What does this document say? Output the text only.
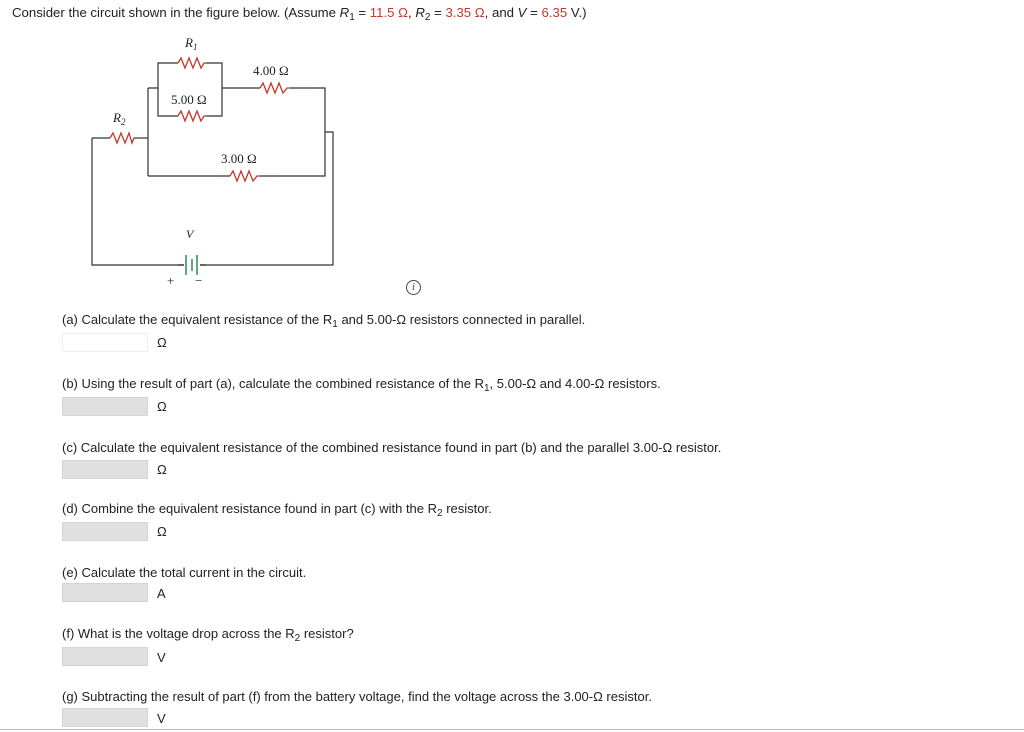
Consider the circuit shown in the figure below. (Assume $R_1 = 11.5$ Ω, $R_2 = 3.35$ Ω, and V = 6.35 V.)
$R_1$
$R_2$
4.00 Ω
5.00 Ω
3.00 Ω
V
+ −	i
(a) Calculate the equivalent resistance of the $R_1$ and 5.00-Ω resistors connected in parallel.
Ω
(b) Using the result of part (a), calculate the combined resistance of the $R_1$, 5.00-Ω and 4.00-Ω resistors.
Ω
(c) Calculate the equivalent resistance of the combined resistance found in part (b) and the parallel 3.00-Ω resistor.
Ω
(d) Combine the equivalent resistance found in part (c) with the $R_2$ resistor.
Ω
(e) Calculate the total current in the circuit.
A
(f) What is the voltage drop across the $R_2$ resistor?
V
(g) Subtracting the result of part (f) from the battery voltage, find the voltage across the 3.00-Ω resistor.
V
